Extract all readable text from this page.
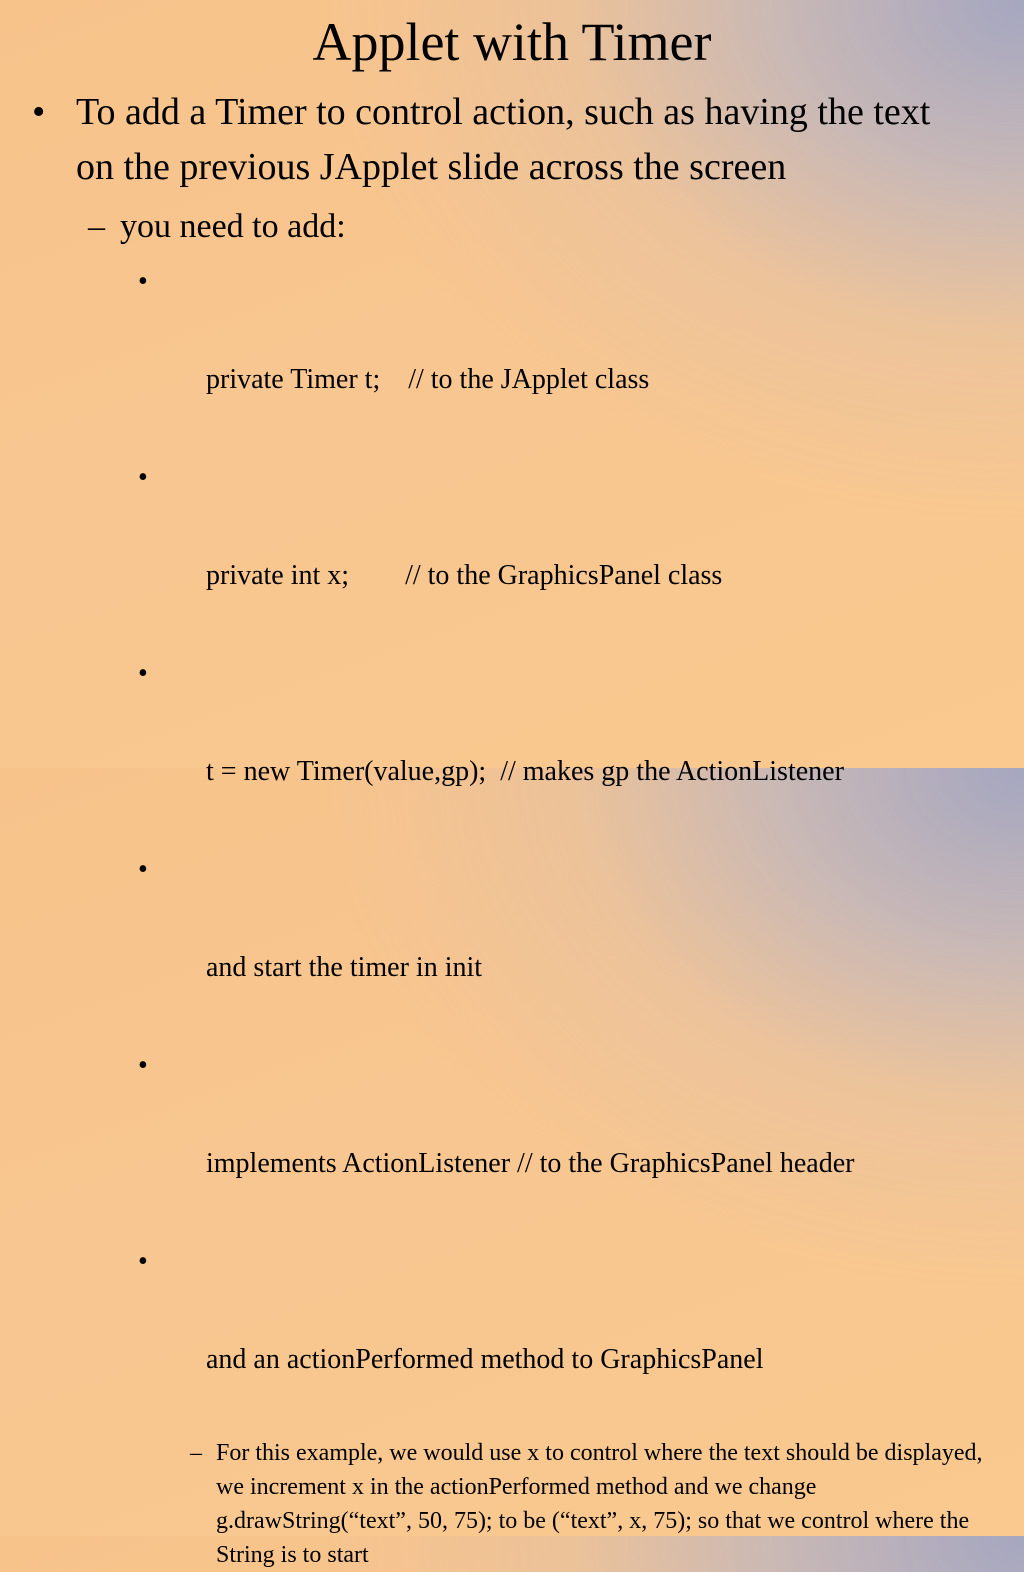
Applet with Timer
• To add a Timer to control action, such as having the text on the previous JApplet slide across the screen
– you need to add:

•

private Timer t;    // to the JApplet class

•

private int x;        // to the GraphicsPanel class

•

t = new Timer(value,gp);  // makes gp the ActionListener

•

and start the timer in init

•

implements ActionListener // to the GraphicsPanel header

•

and an actionPerformed method to GraphicsPanel

– For this example, we would use x to control where the text should be displayed, we increment x in the actionPerformed method and we change g.drawString(“text”, 50, 75); to be (“text”, x, 75); so that we control where the String is to start
